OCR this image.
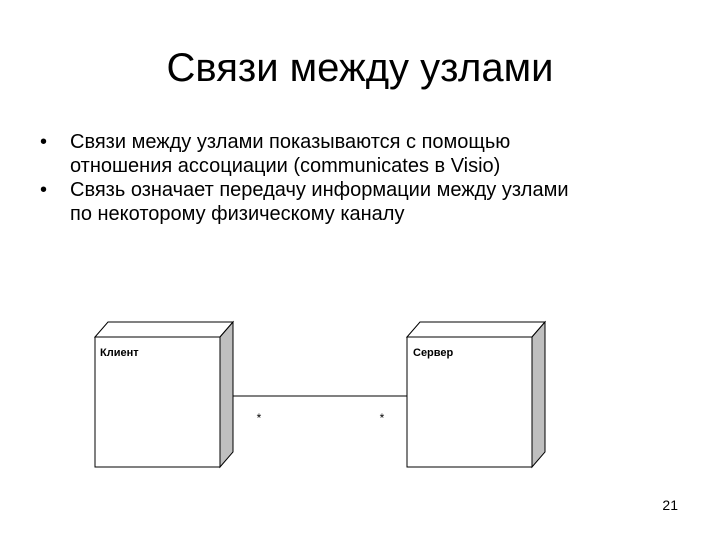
Связи между узлами
• Связи между узлами показываются с помощью отношения ассоциации (communicates в Visio)
• Связь означает передачу информации между узлами по некоторому физическому каналу
*	*
Клиент	Сервер
21
